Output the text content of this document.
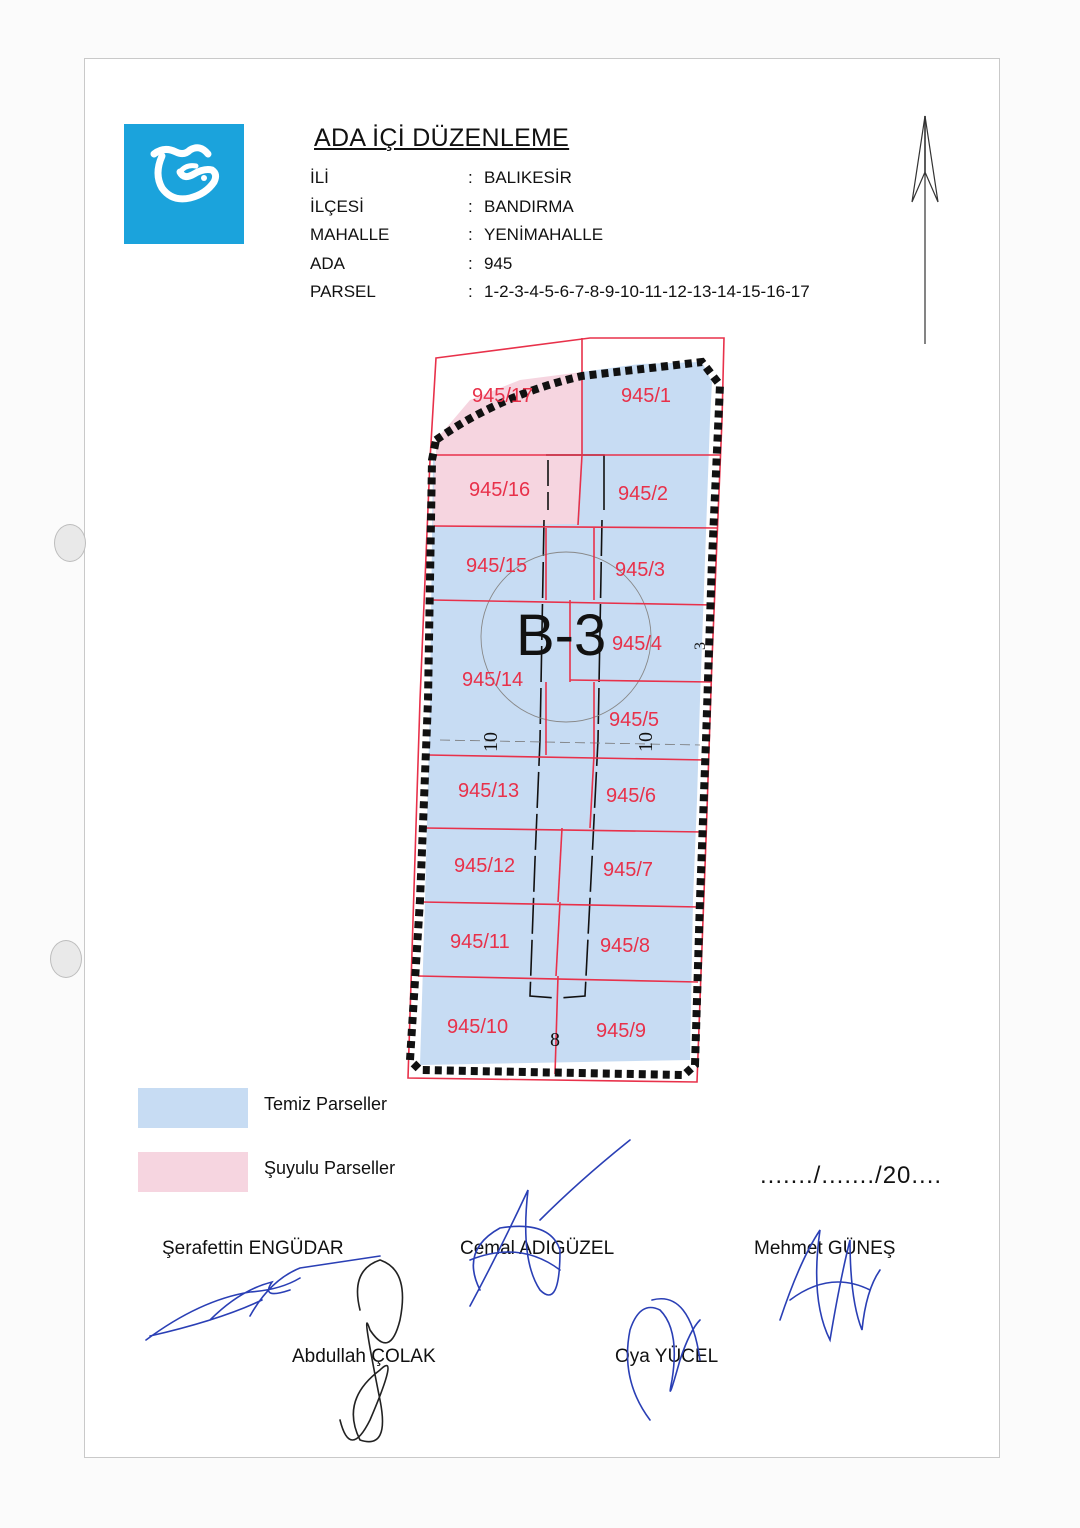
ADA İÇİ DÜZENLEME
İLİ	: BALIKESİR
İLÇESİ	: BANDIRMA
MAHALLE	: YENİMAHALLE
ADA	: 945
PARSEL	: 1-2-3-4-5-6-7-8-9-10-11-12-13-14-15-16-17
945/1
945/2
945/3
945/4
945/5
945/6
945/7
945/8
945/9
945/10
945/11
945/12
945/13
945/14
945/15
945/16
945/17
B-3
10	10
8
3
Temiz Parseller
Şuyulu Parseller	......./......./20....
Şerafettin ENGÜDAR	Cemal ADIGÜZEL	Mehmet GÜNEŞ
Abdullah ÇOLAK	Oya YÜCEL
